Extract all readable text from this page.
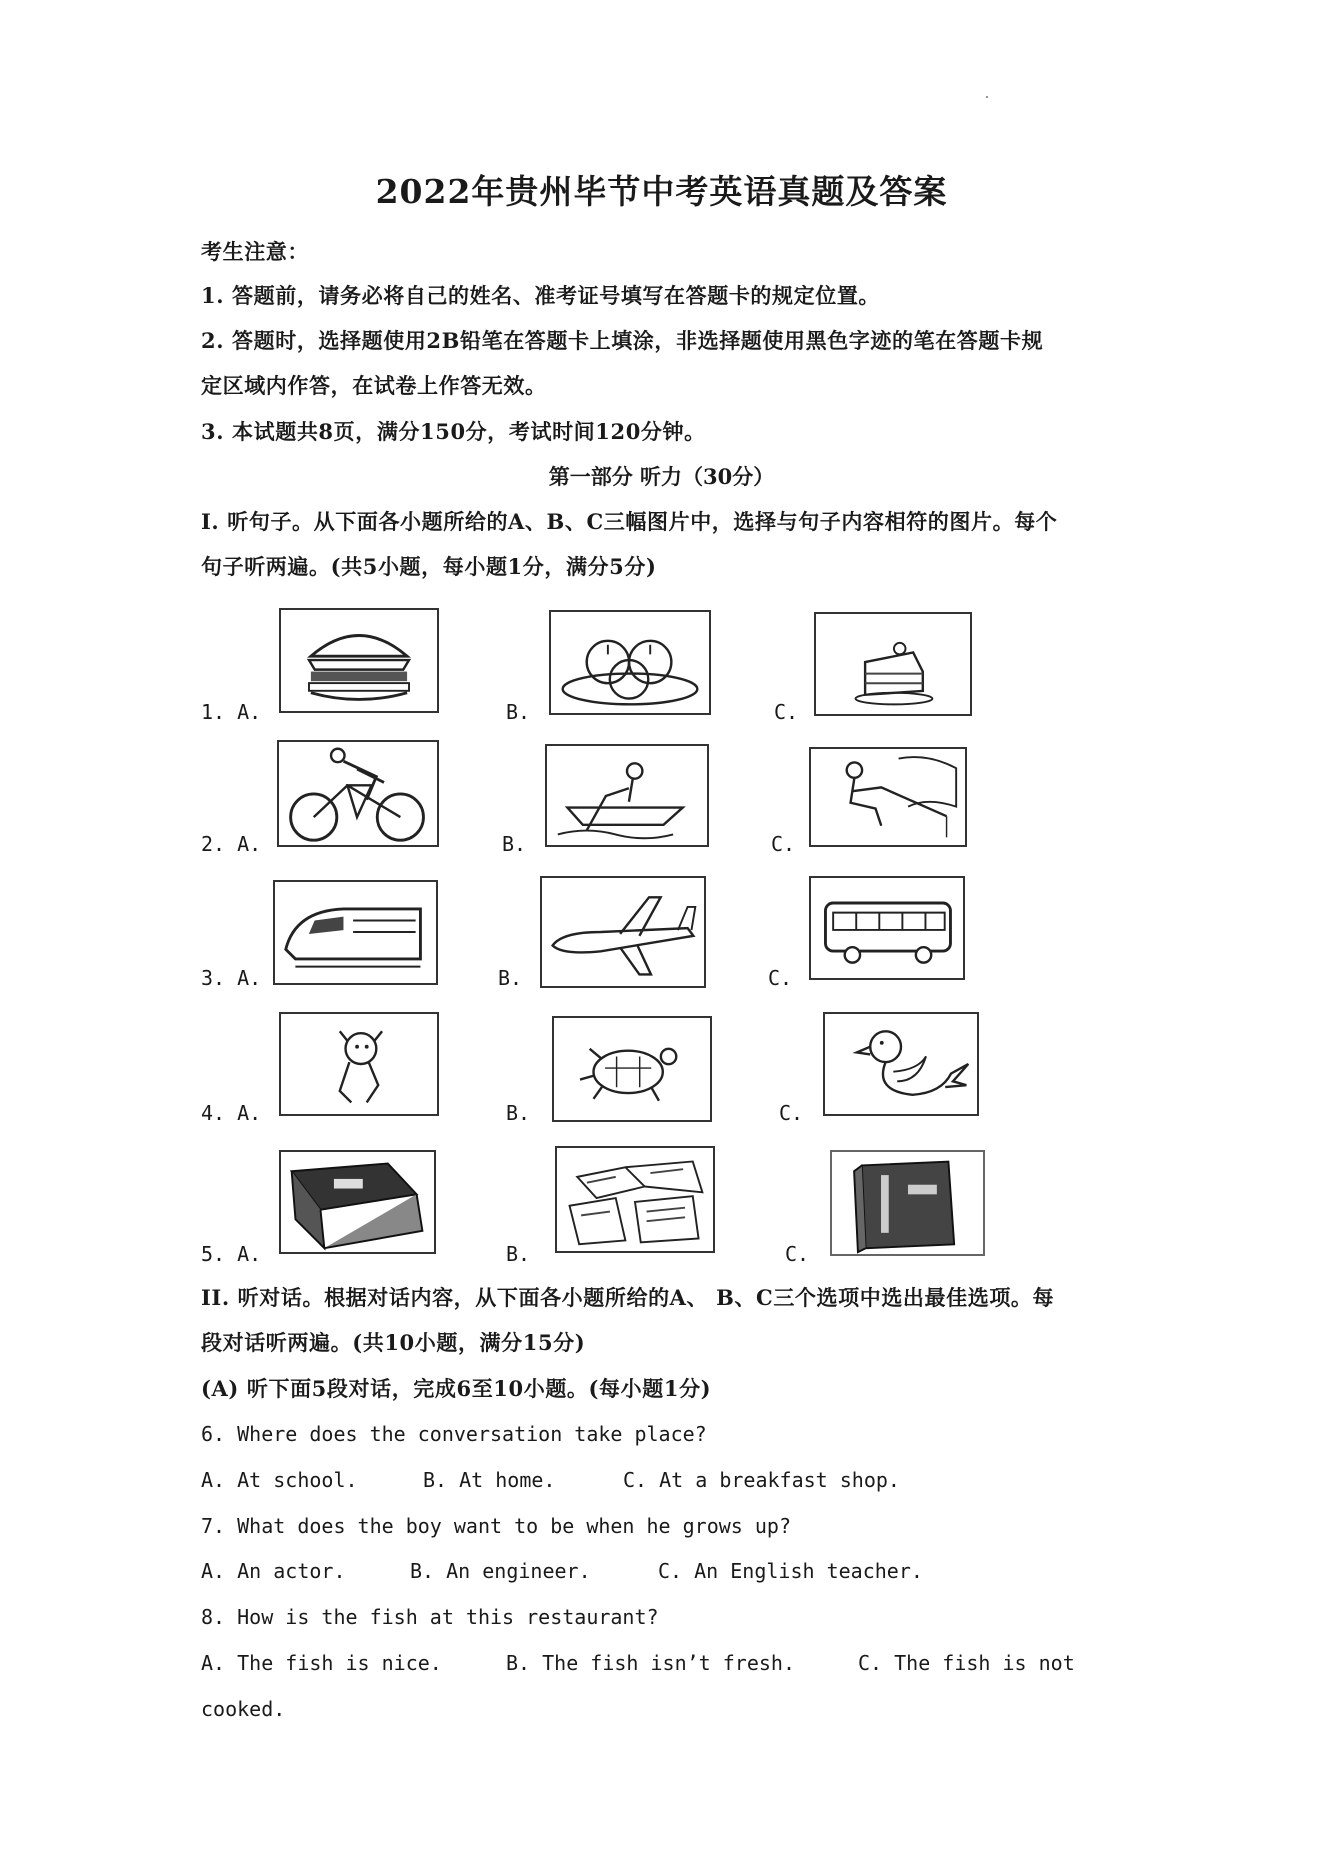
2022年贵州毕节中考英语真题及答案
考生注意：
1. 答题前，请务必将自己的姓名、准考证号填写在答题卡的规定位置。
2. 答题时，选择题使用2B铅笔在答题卡上填涂，非选择题使用黑色字迹的笔在答题卡规
定区域内作答，在试卷上作答无效。
3. 本试题共8页，满分150分，考试时间120分钟。
第一部分 听力（30分）
I. 听句子。从下面各小题所给的A、B、C三幅图片中，选择与句子内容相符的图片。每个
句子听两遍。(共5小题，每小题1分，满分5分)
1. A.	B.	C.
2. A.	B.	C.
3. A.	B.	C.
4. A.	B.	C.
5. A.	B.	C.
II. 听对话。根据对话内容，从下面各小题所给的A、 B、C三个选项中选出最佳选项。每
段对话听两遍。(共10小题，满分15分)
(A) 听下面5段对话，完成6至10小题。(每小题1分)
6. Where does the conversation take place?
A. At school.	B. At home.	C. At a breakfast shop.
7. What does the boy want to be when he grows up?
A. An actor.	B. An engineer.	C. An English teacher.
8. How is the fish at this restaurant?
A. The fish is nice.	B. The fish isn’t fresh.	C. The fish is not
cooked.
